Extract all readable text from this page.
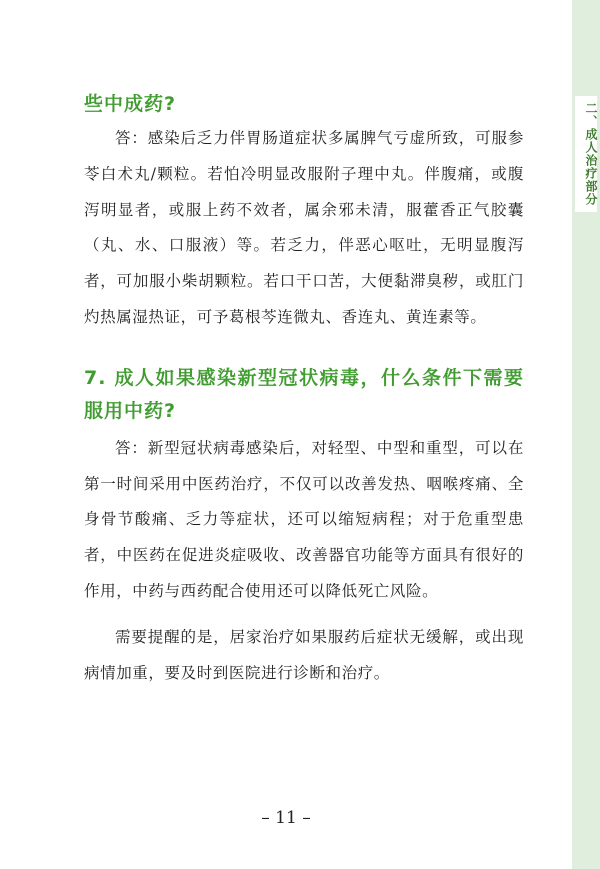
二、成人治疗部分
些中成药?

答：感染后乏力伴胃肠道症状多属脾气亏虚所致，可服参苓白术丸/颗粒。若怕冷明显改服附子理中丸。伴腹痛，或腹泻明显者，或服上药不效者，属余邪未清，服藿香正气胶囊（丸、水、口服液）等。若乏力，伴恶心呕吐，无明显腹泻者，可加服小柴胡颗粒。若口干口苦，大便黏滞臭秽，或肛门灼热属湿热证，可予葛根芩连微丸、香连丸、黄连素等。

7. 成人如果感染新型冠状病毒，什么条件下需要服用中药?

答：新型冠状病毒感染后，对轻型、中型和重型，可以在第一时间采用中医药治疗，不仅可以改善发热、咽喉疼痛、全身骨节酸痛、乏力等症状，还可以缩短病程；对于危重型患者，中医药在促进炎症吸收、改善器官功能等方面具有很好的作用，中药与西药配合使用还可以降低死亡风险。

需要提醒的是，居家治疗如果服药后症状无缓解，或出现病情加重，要及时到医院进行诊断和治疗。

– 11 –
